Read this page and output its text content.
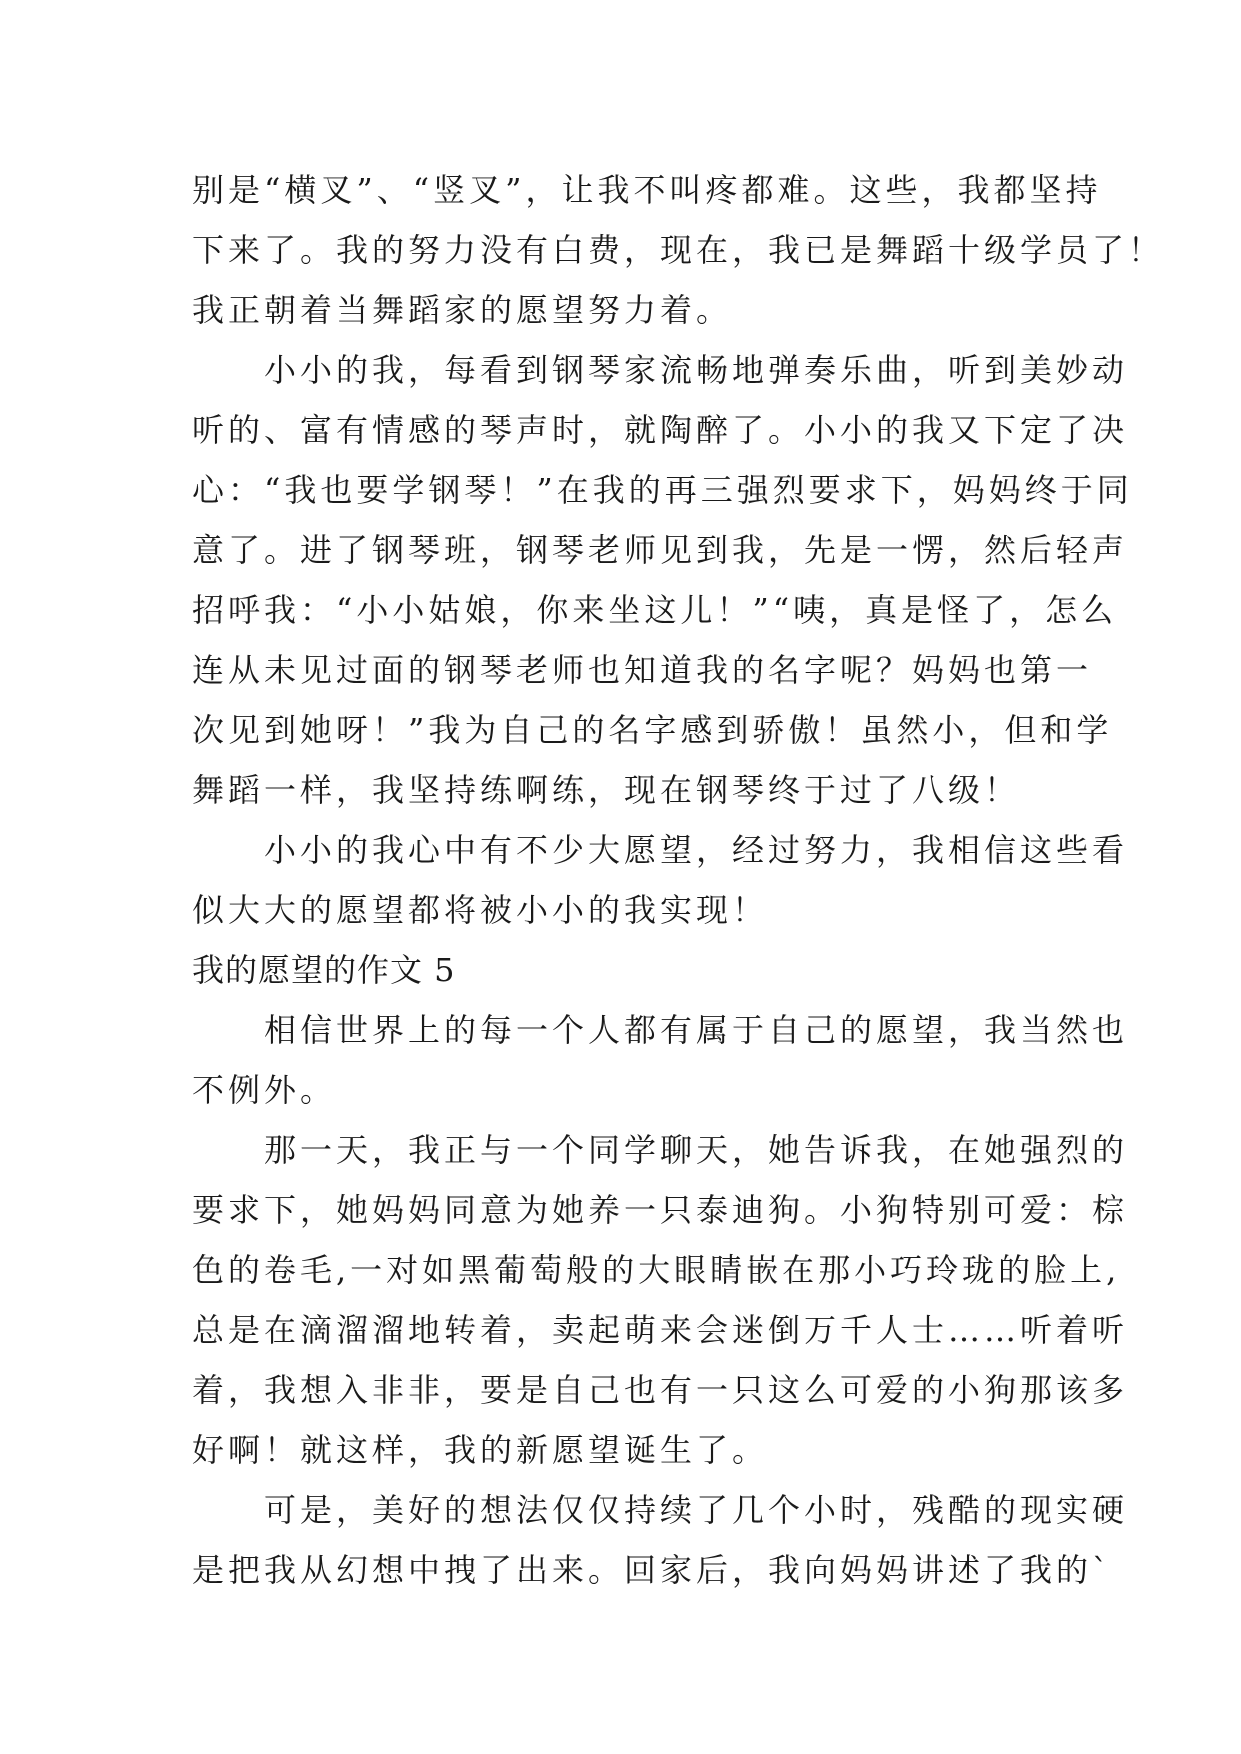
别是“横叉”、“竖叉”，让我不叫疼都难。这些，我都坚持
下来了。我的努力没有白费，现在，我已是舞蹈十级学员了！
我正朝着当舞蹈家的愿望努力着。
小小的我，每看到钢琴家流畅地弹奏乐曲，听到美妙动
听的、富有情感的琴声时，就陶醉了。小小的我又下定了决
心：“我也要学钢琴！”在我的再三强烈要求下，妈妈终于同
意了。进了钢琴班，钢琴老师见到我，先是一愣，然后轻声
招呼我：“小小姑娘，你来坐这儿！”“咦，真是怪了，怎么
连从未见过面的钢琴老师也知道我的名字呢？妈妈也第一
次见到她呀！”我为自己的名字感到骄傲！虽然小，但和学
舞蹈一样，我坚持练啊练，现在钢琴终于过了八级！
小小的我心中有不少大愿望，经过努力，我相信这些看
似大大的愿望都将被小小的我实现！
我的愿望的作文 5
相信世界上的每一个人都有属于自己的愿望，我当然也
不例外。
那一天，我正与一个同学聊天，她告诉我，在她强烈的
要求下，她妈妈同意为她养一只泰迪狗。小狗特别可爱：棕
色的卷毛,一对如黑葡萄般的大眼睛嵌在那小巧玲珑的脸上,
总是在滴溜溜地转着，卖起萌来会迷倒万千人士……听着听
着，我想入非非，要是自己也有一只这么可爱的小狗那该多
好啊！就这样，我的新愿望诞生了。
可是，美好的想法仅仅持续了几个小时，残酷的现实硬
是把我从幻想中拽了出来。回家后，我向妈妈讲述了我的`
